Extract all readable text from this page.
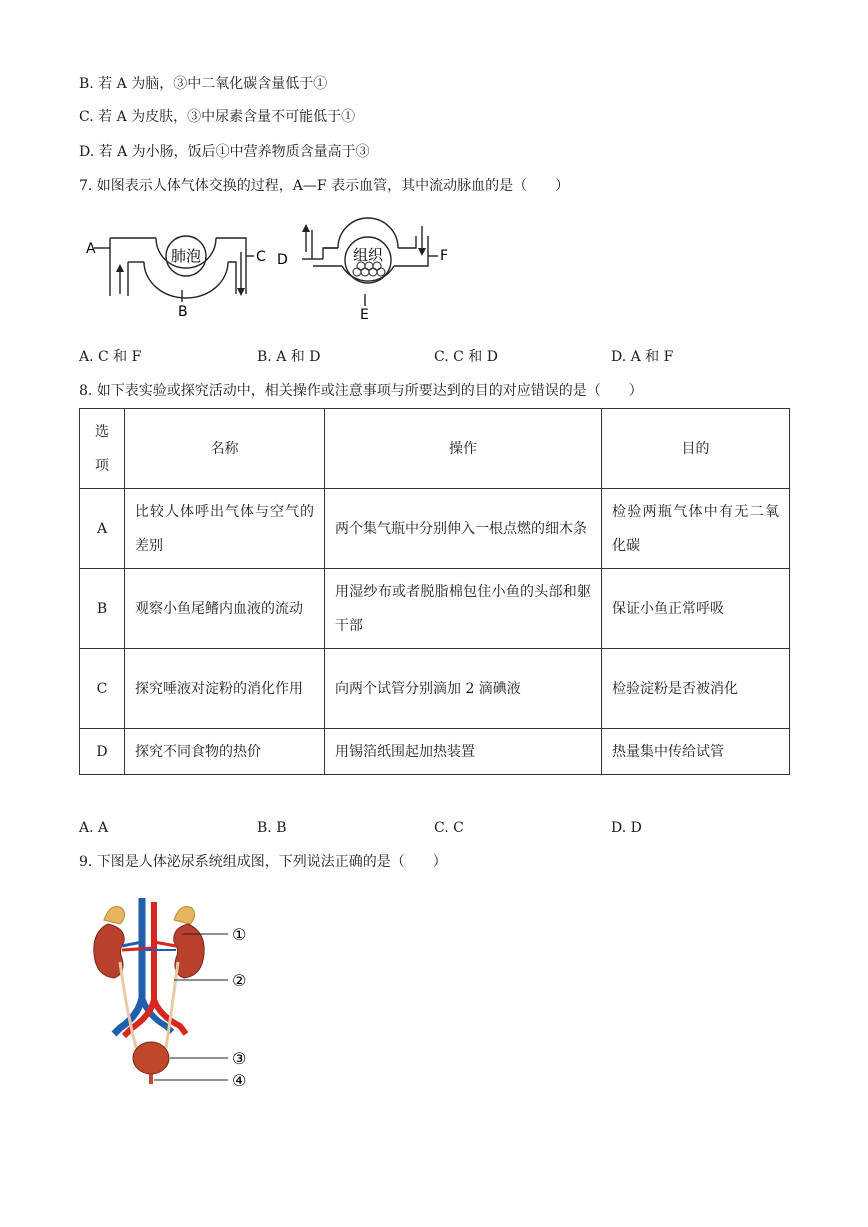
B. 若 A 为脑，③中二氧化碳含量低于①
C. 若 A 为皮肤，③中尿素含量不可能低于①
D. 若 A 为小肠，饭后①中营养物质含量高于③
7. 如图表示人体气体交换的过程，A—F 表示血管，其中流动脉血的是（　　）
肺泡	组织
A
B
C D
E
F
A. C 和 F	B. A 和 D	C. C 和 D	D. A 和 F
8. 如下表实验或探究活动中，相关操作或注意事项与所要达到的目的对应错误的是（　　）
选项	名称	操作	目的
A	比较人体呼出气体与空气的差别	两个集气瓶中分别伸入一根点燃的细木条	检验两瓶气体中有无二氧化碳
B	观察小鱼尾鳍内血液的流动	用湿纱布或者脱脂棉包住小鱼的头部和躯干部	保证小鱼正常呼吸
C	探究唾液对淀粉的消化作用	向两个试管分别滴加 2 滴碘液	检验淀粉是否被消化
D	探究不同食物的热价	用锡箔纸围起加热装置	热量集中传给试管
A. A	B. B	C. C	D. D
9. 下图是人体泌尿系统组成图，下列说法正确的是（　　）
①
②
③
④
